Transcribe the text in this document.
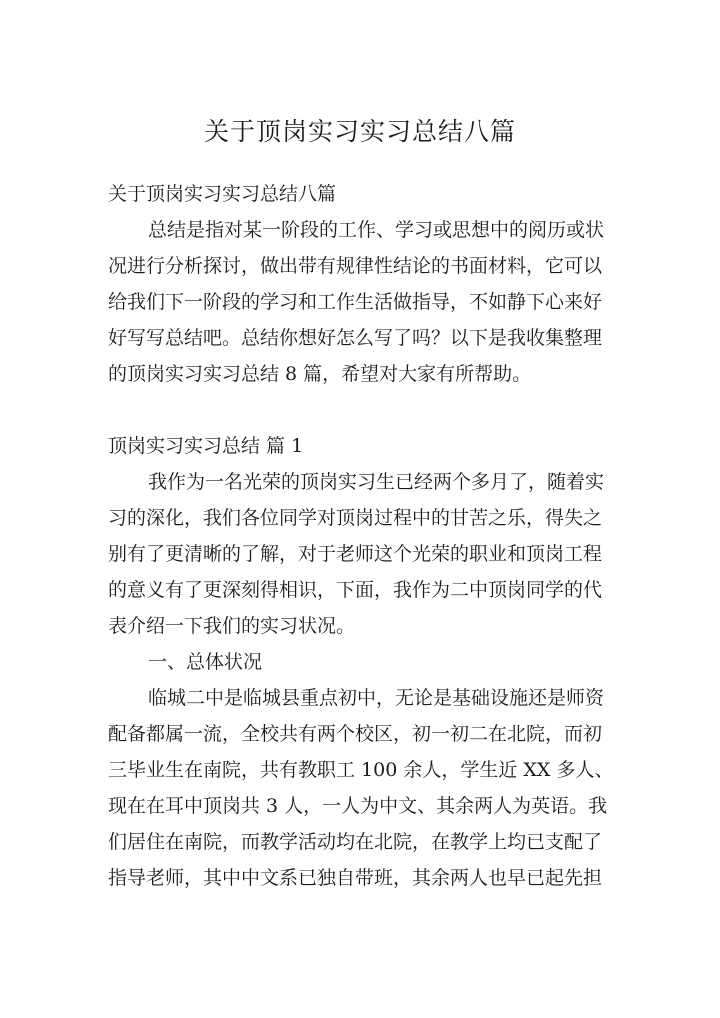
关于顶岗实习实习总结八篇
关于顶岗实习实习总结八篇
总结是指对某一阶段的工作、学习或思想中的阅历或状
况进行分析探讨，做出带有规律性结论的书面材料，它可以
给我们下一阶段的学习和工作生活做指导，不如静下心来好
好写写总结吧。总结你想好怎么写了吗？以下是我收集整理
的顶岗实习实习总结 8 篇，希望对大家有所帮助。
顶岗实习实习总结 篇 1
我作为一名光荣的顶岗实习生已经两个多月了，随着实
习的深化，我们各位同学对顶岗过程中的甘苦之乐，得失之
别有了更清晰的了解，对于老师这个光荣的职业和顶岗工程
的意义有了更深刻得相识，下面，我作为二中顶岗同学的代
表介绍一下我们的实习状况。
一、总体状况
临城二中是临城县重点初中，无论是基础设施还是师资
配备都属一流，全校共有两个校区，初一初二在北院，而初
三毕业生在南院，共有教职工 100 余人，学生近 XX 多人、
现在在耳中顶岗共 3 人，一人为中文、其余两人为英语。我
们居住在南院，而教学活动均在北院，在教学上均已支配了
指导老师，其中中文系已独自带班，其余两人也早已起先担
